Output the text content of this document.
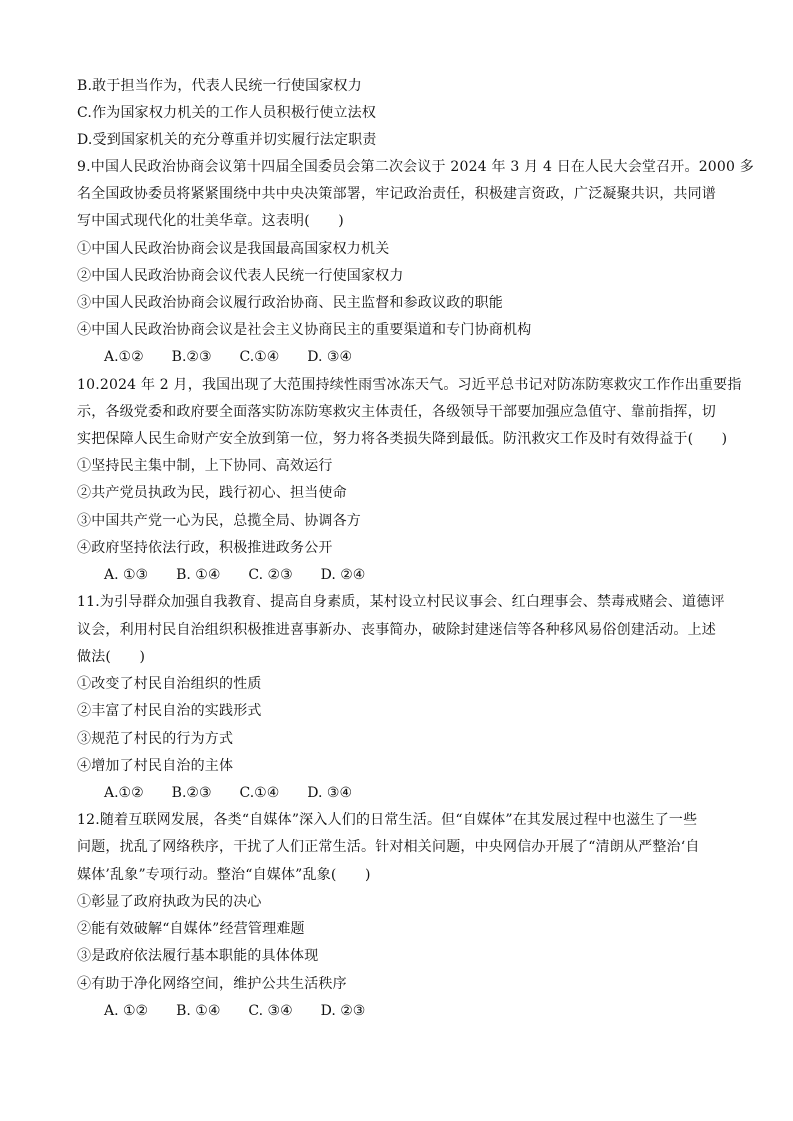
B.敢于担当作为，代表人民统一行使国家权力
C.作为国家权力机关的工作人员积极行使立法权
D.受到国家机关的充分尊重并切实履行法定职责
9.中国人民政治协商会议第十四届全国委员会第二次会议于 2024 年 3 月 4 日在人民大会堂召开。2000 多
名全国政协委员将紧紧围绕中共中央决策部署，牢记政治责任，积极建言资政，广泛凝聚共识，共同谱
写中国式现代化的壮美华章。这表明(　　)
①中国人民政治协商会议是我国最高国家权力机关
②中国人民政治协商会议代表人民统一行使国家权力
③中国人民政治协商会议履行政治协商、民主监督和参政议政的职能
④中国人民政治协商会议是社会主义协商民主的重要渠道和专门协商机构
A.①②　　B.②③　　C.①④　　D. ③④
10.2024 年 2 月，我国出现了大范围持续性雨雪冰冻天气。习近平总书记对防冻防寒救灾工作作出重要指
示，各级党委和政府要全面落实防冻防寒救灾主体责任，各级领导干部要加强应急值守、靠前指挥，切
实把保障人民生命财产安全放到第一位，努力将各类损失降到最低。防汛救灾工作及时有效得益于(　　)
①坚持民主集中制，上下协同、高效运行
②共产党员执政为民，践行初心、担当使命
③中国共产党一心为民，总揽全局、协调各方
④政府坚持依法行政，积极推进政务公开
A. ①③　　B. ①④　　C. ②③　　D. ②④
11.为引导群众加强自我教育、提高自身素质，某村设立村民议事会、红白理事会、禁毒戒赌会、道德评
议会，利用村民自治组织积极推进喜事新办、丧事简办，破除封建迷信等各种移风易俗创建活动。上述
做法(　　)
①改变了村民自治组织的性质
②丰富了村民自治的实践形式
③规范了村民的行为方式
④增加了村民自治的主体
A.①②　　B.②③　　C.①④　　D. ③④
12.随着互联网发展，各类“自媒体”深入人们的日常生活。但“自媒体”在其发展过程中也滋生了一些
问题，扰乱了网络秩序，干扰了人们正常生活。针对相关问题，中央网信办开展了“清朗从严整治‘自
媒体’乱象”专项行动。整治“自媒体”乱象(　　)
①彰显了政府执政为民的决心
②能有效破解“自媒体”经营管理难题
③是政府依法履行基本职能的具体体现
④有助于净化网络空间，维护公共生活秩序
A. ①②　　B. ①④　　C. ③④　　D. ②③
